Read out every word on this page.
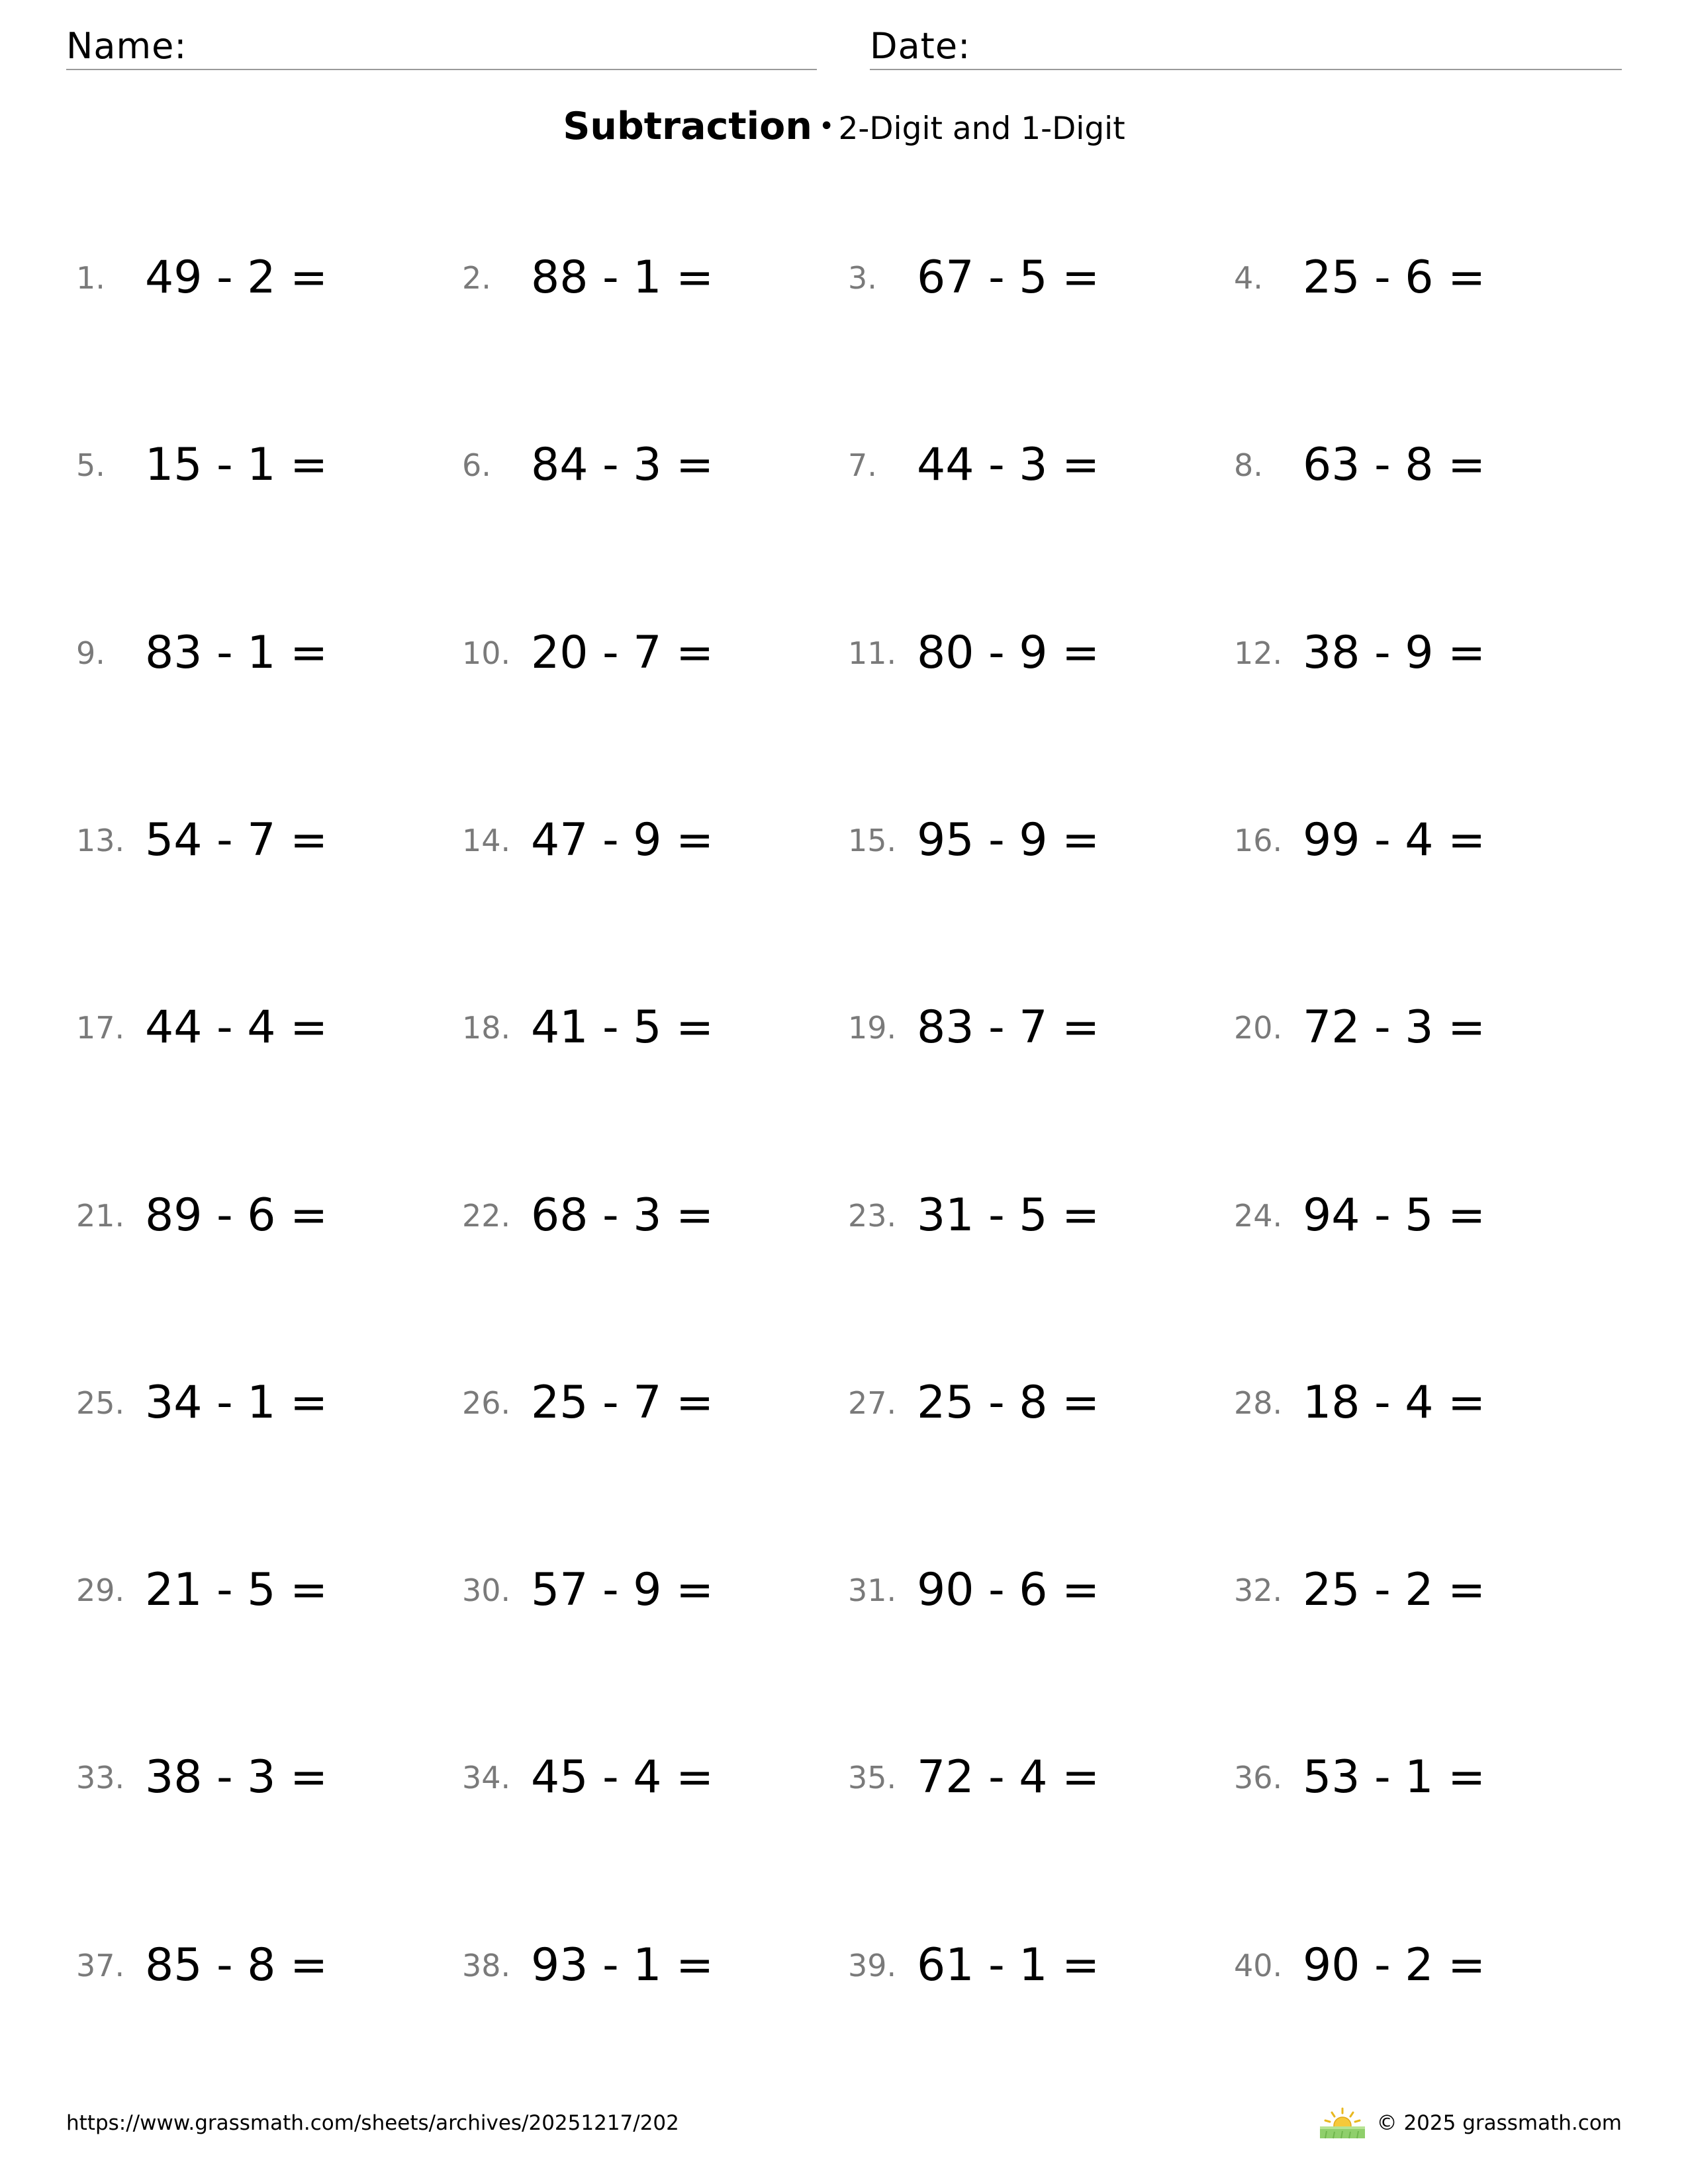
Name:	Date:
Subtraction • 2-Digit and 1-Digit
1. 49 - 2 =	2. 88 - 1 =	3. 67 - 5 =	4. 25 - 6 =
5. 15 - 1 =	6. 84 - 3 =	7. 44 - 3 =	8. 63 - 8 =
9. 83 - 1 =	10. 20 - 7 =	11. 80 - 9 =	12. 38 - 9 =
13. 54 - 7 =	14. 47 - 9 =	15. 95 - 9 =	16. 99 - 4 =
17. 44 - 4 =	18. 41 - 5 =	19. 83 - 7 =	20. 72 - 3 =
21. 89 - 6 =	22. 68 - 3 =	23. 31 - 5 =	24. 94 - 5 =
25. 34 - 1 =	26. 25 - 7 =	27. 25 - 8 =	28. 18 - 4 =
29. 21 - 5 =	30. 57 - 9 =	31. 90 - 6 =	32. 25 - 2 =
33. 38 - 3 =	34. 45 - 4 =	35. 72 - 4 =	36. 53 - 1 =
37. 85 - 8 =	38. 93 - 1 =	39. 61 - 1 =	40. 90 - 2 =
https://www.grassmath.com/sheets/archives/20251217/202	© 2025 grassmath.com
